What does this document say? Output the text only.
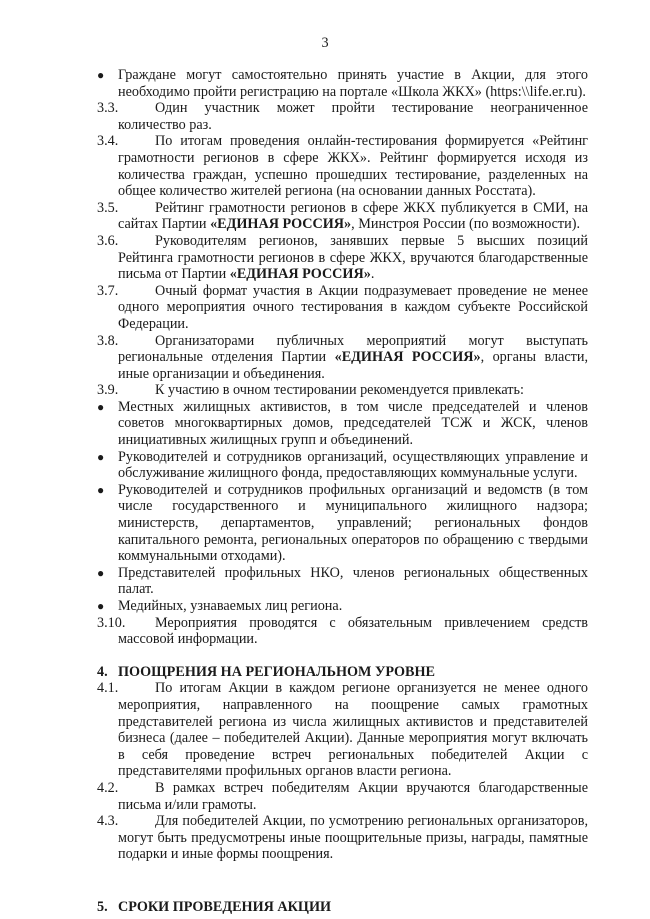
3
● Граждане могут самостоятельно принять участие в Акции, для этого необходимо пройти регистрацию на портале «Школа ЖКХ» (https:\\life.er.ru).
3.3.	Один участник может пройти тестирование неограниченное количество раз.
3.4.	По итогам проведения онлайн-тестирования формируется «Рейтинг грамотности регионов в сфере ЖКХ». Рейтинг формируется исходя из количества граждан, успешно прошедших тестирование, разделенных на общее количество жителей региона (на основании данных Росстата).
3.5.	Рейтинг грамотности регионов в сфере ЖКХ публикуется в СМИ, на сайтах Партии «ЕДИНАЯ РОССИЯ», Минстроя России (по возможности).
3.6.	Руководителям регионов, занявших первые 5 высших позиций Рейтинга грамотности регионов в сфере ЖКХ, вручаются благодарственные письма от Партии «ЕДИНАЯ РОССИЯ».
3.7.	Очный формат участия в Акции подразумевает проведение не менее одного мероприятия очного тестирования в каждом субъекте Российской Федерации.
3.8.	Организаторами публичных мероприятий могут выступать региональные отделения Партии «ЕДИНАЯ РОССИЯ», органы власти, иные организации и объединения.
3.9.	К участию в очном тестировании рекомендуется привлекать:
● Местных жилищных активистов, в том числе председателей и членов советов многоквартирных домов, председателей ТСЖ и ЖСК, членов инициативных жилищных групп и объединений.
● Руководителей и сотрудников организаций, осуществляющих управление и обслуживание жилищного фонда, предоставляющих коммунальные услуги.
● Руководителей и сотрудников профильных организаций и ведомств (в том числе государственного и муниципального жилищного надзора; министерств, департаментов, управлений; региональных фондов капитального ремонта, региональных операторов по обращению с твердыми коммунальными отходами).
● Представителей профильных НКО, членов региональных общественных палат.
● Медийных, узнаваемых лиц региона.
3.10. Мероприятия проводятся с обязательным привлечением средств массовой информации.
4. ПООЩРЕНИЯ НА РЕГИОНАЛЬНОМ УРОВНЕ
4.1.	По итогам Акции в каждом регионе организуется не менее одного мероприятия, направленного на поощрение самых грамотных представителей региона из числа жилищных активистов и представителей бизнеса (далее – победителей Акции). Данные мероприятия могут включать в себя проведение встреч региональных победителей Акции с представителями профильных органов власти региона.
4.2.	В рамках встреч победителям Акции вручаются благодарственные письма и/или грамоты.
4.3.	Для победителей Акции, по усмотрению региональных организаторов, могут быть предусмотрены иные поощрительные призы, награды, памятные подарки и иные формы поощрения.
5. СРОКИ ПРОВЕДЕНИЯ АКЦИИ
